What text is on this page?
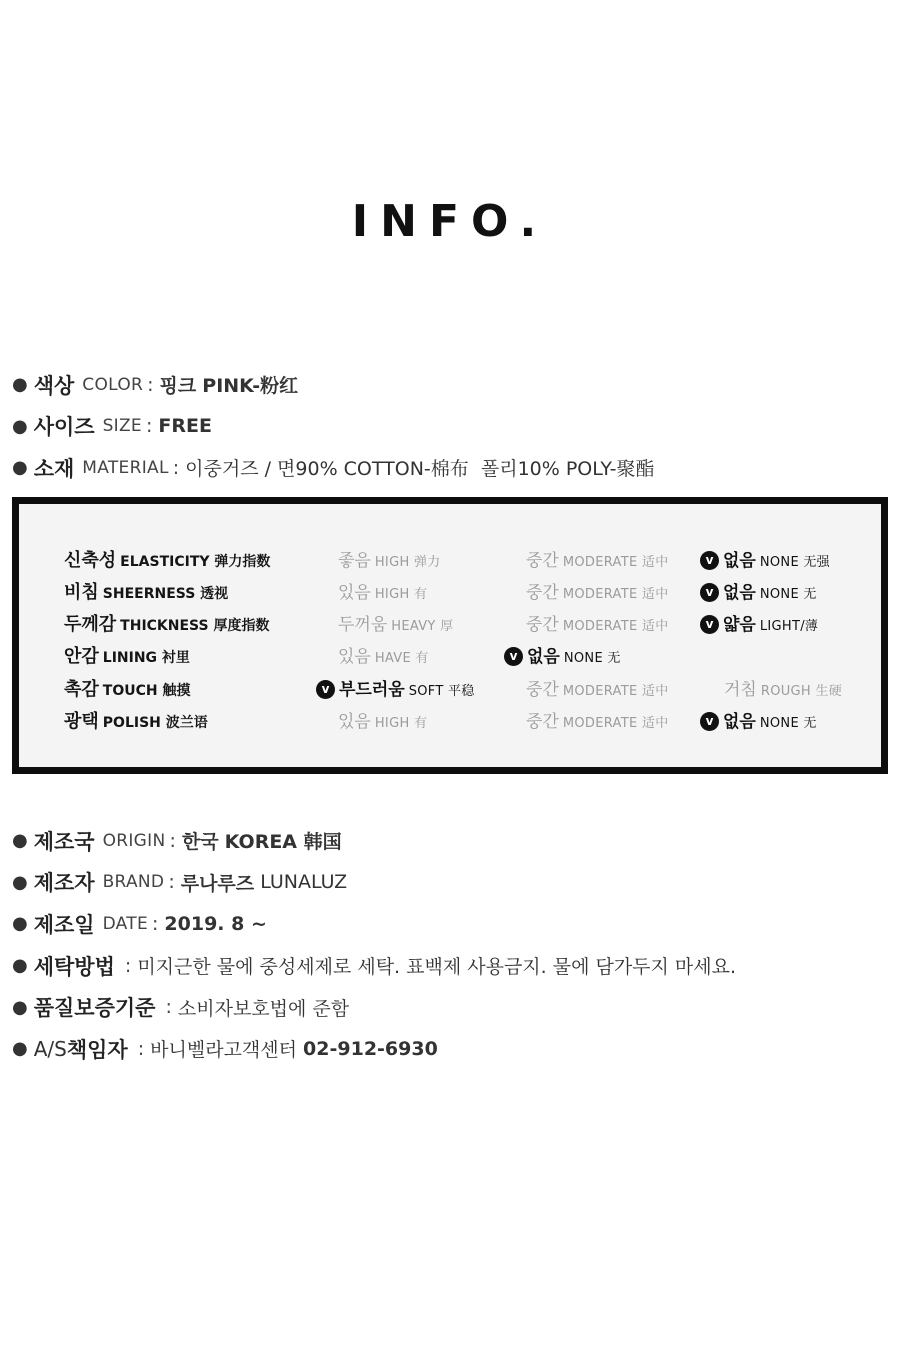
INFO.
● 색상 COLOR : 핑크
PINK-粉红
● 사이즈 SIZE : FREE
● 소재 MATERIAL : 이중거즈 / 면90% COTTON-棉布  폴리10% POLY-聚酯
신축성 ELASTICITY 弹力指数	좋음 HIGH 弹力	중간 MODERATE 适中	v 없음 NONE 无强
비침 SHEERNESS 透视	있음 HIGH 有	중간 MODERATE 适中	v 없음 NONE 无
두께감 THICKNESS 厚度指数	두꺼움 HEAVY 厚	중간 MODERATE 适中	v 얇음 LIGHT/薄
안감 LINING 衬里	있음 HAVE 有	v 없음 NONE 无
촉감 TOUCH 触摸	v 부드러움 SOFT 平稳	중간 MODERATE 适中	거침 ROUGH 生硬
광택 POLISH 波兰语	있음 HIGH 有	중간 MODERATE 适中	v 없음 NONE 无
● 제조국 ORIGIN : 한국
KOREA 韩国
● 제조자 BRAND : 루나루즈
LUNALUZ
● 제조일 DATE : 2019. 8 ~
● 세탁방법 : 미지근한 물에 중성세제로 세탁. 표백제 사용금지. 물에 담가두지 마세요.
● 품질보증기준 : 소비자보호법에 준함
● A/S 책임자 : 바니벨라고객센터
02-912-6930
